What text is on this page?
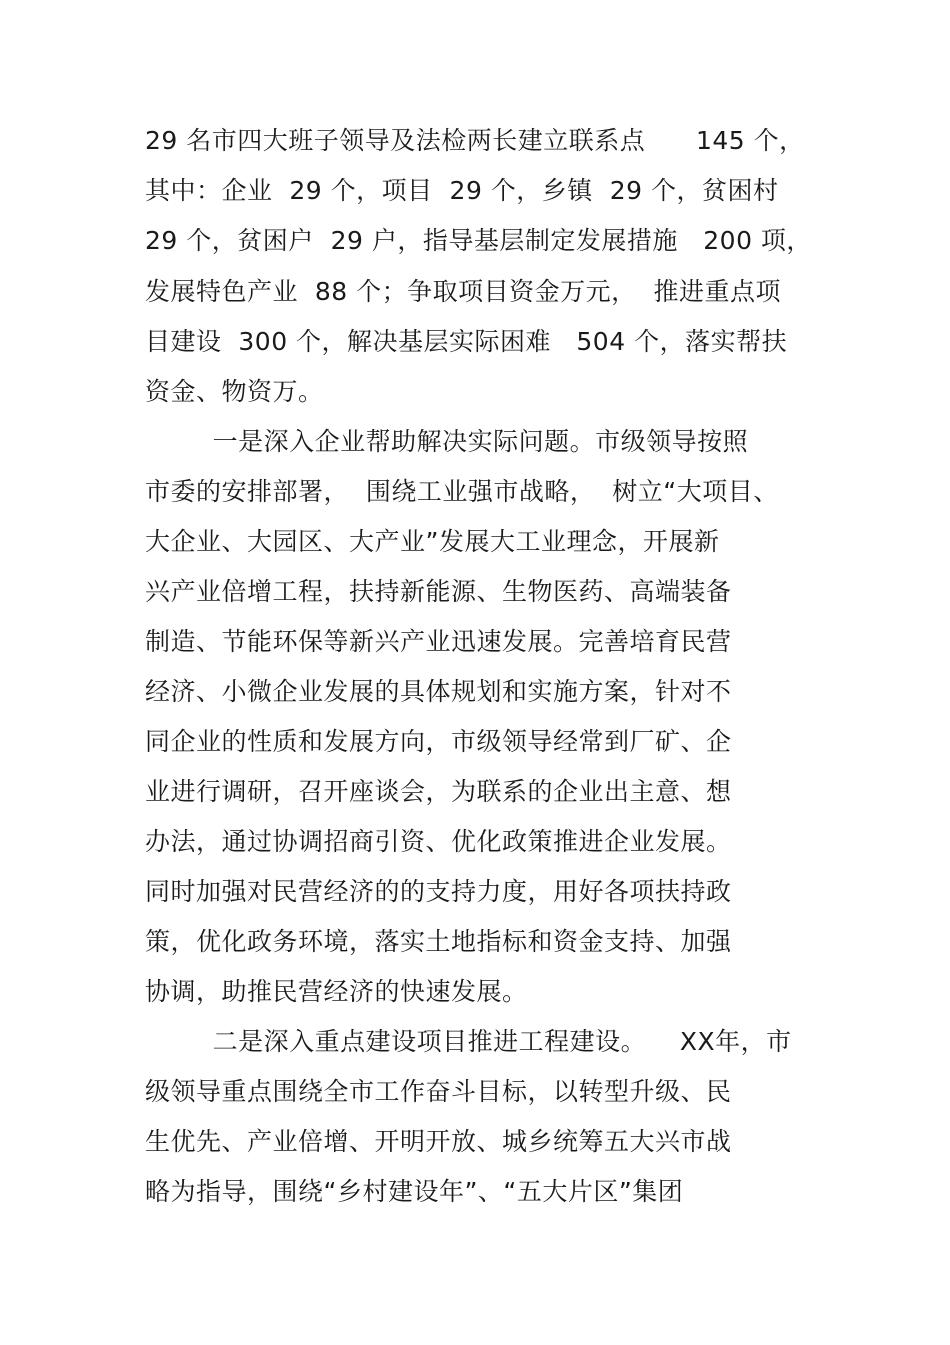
29 名市四大班子领导及法检两长建立联系点      145 个，
其中：企业  29 个，项目  29 个，乡镇  29 个，贫困村
29 个，贫困户  29 户，指导基层制定发展措施   200 项，
发展特色产业  88 个；争取项目资金万元，  推进重点项
目建设  300 个，解决基层实际困难   504 个，落实帮扶
资金、物资万。
一是深入企业帮助解决实际问题。市级领导按照
市委的安排部署，  围绕工业强市战略，  树立“大项目、
大企业、大园区、大产业”发展大工业理念，开展新
兴产业倍增工程，扶持新能源、生物医药、高端装备
制造、节能环保等新兴产业迅速发展。完善培育民营
经济、小微企业发展的具体规划和实施方案，针对不
同企业的性质和发展方向，市级领导经常到厂矿、企
业进行调研，召开座谈会，为联系的企业出主意、想
办法，通过协调招商引资、优化政策推进企业发展。
同时加强对民营经济的的支持力度，用好各项扶持政
策，优化政务环境，落实土地指标和资金支持、加强
协调，助推民营经济的快速发展。
二是深入重点建设项目推进工程建设。    XX年，市
级领导重点围绕全市工作奋斗目标，以转型升级、民
生优先、产业倍增、开明开放、城乡统筹五大兴市战
略为指导，围绕“乡村建设年”、“五大片区”集团
